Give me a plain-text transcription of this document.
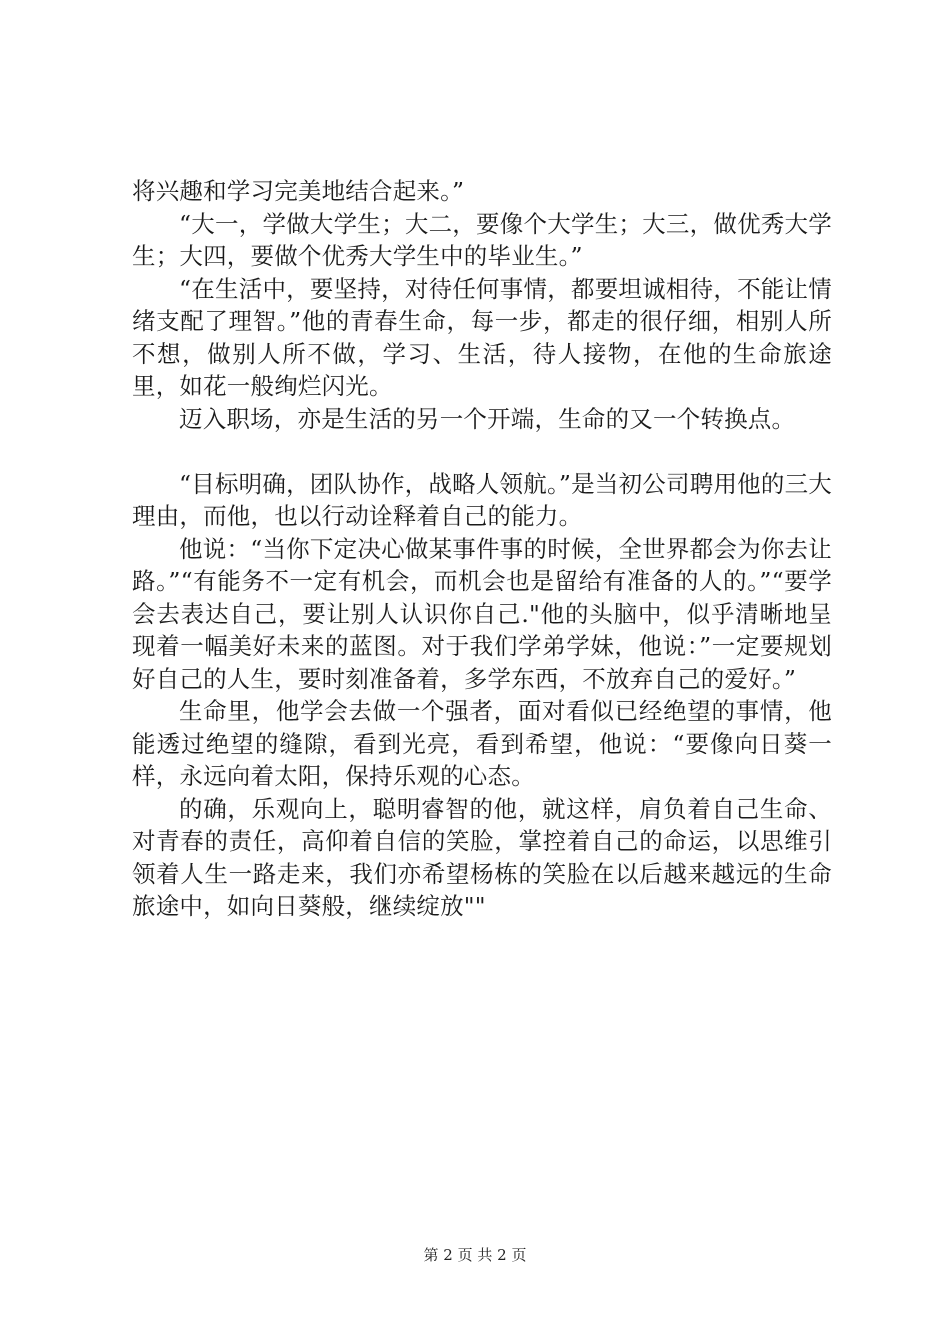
将兴趣和学习完美地结合起来。”

“大一，学做大学生；大二，要像个大学生；大三，做优秀大学生；大四，要做个优秀大学生中的毕业生。”

“在生活中，要坚持，对待任何事情，都要坦诚相待，不能让情绪支配了理智。”他的青春生命，每一步，都走的很仔细，相别人所不想，做别人所不做，学习、生活，待人接物，在他的生命旅途里，如花一般绚烂闪光。

迈入职场，亦是生活的另一个开端，生命的又一个转换点。

“目标明确，团队协作，战略人领航。”是当初公司聘用他的三大理由，而他，也以行动诠释着自己的能力。

他说：“当你下定决心做某事件事的时候，全世界都会为你去让路。”“有能务不一定有机会，而机会也是留给有准备的人的。”“要学会去表达自己，要让别人认识你自己."他的头脑中，似乎清晰地呈现着一幅美好未来的蓝图。对于我们学弟学妹，他说：”一定要规划好自己的人生，要时刻准备着，多学东西，不放弃自己的爱好。”

生命里，他学会去做一个强者，面对看似已经绝望的事情，他能透过绝望的缝隙，看到光亮，看到希望，他说：“要像向日葵一样，永远向着太阳，保持乐观的心态。

的确，乐观向上，聪明睿智的他，就这样，肩负着自己生命、对青春的责任，高仰着自信的笑脸，掌控着自己的命运，以思维引领着人生一路走来，我们亦希望杨栋的笑脸在以后越来越远的生命旅途中，如向日葵般，继续绽放""

第 2 页 共 2 页
